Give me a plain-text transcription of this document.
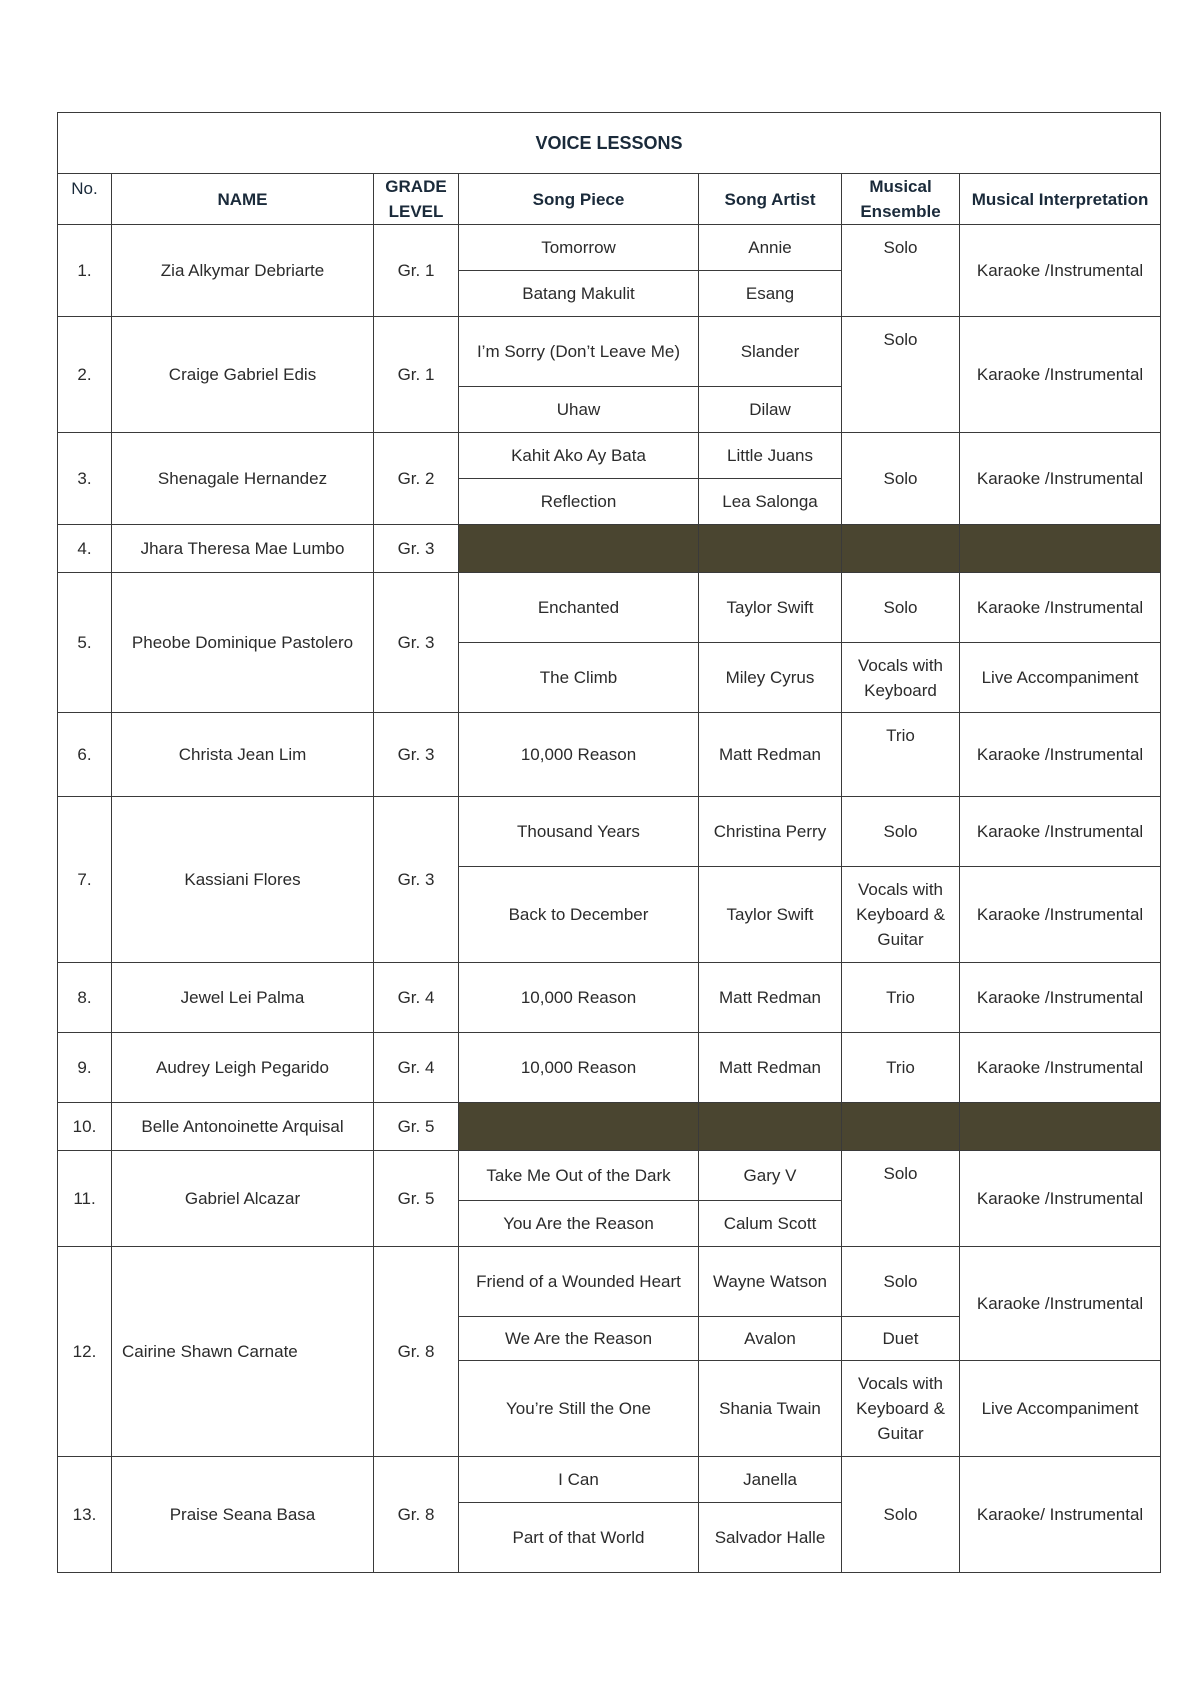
VOICE LESSONS						
No.	NAME	GRADE LEVEL	Song Piece	Song Artist	Musical Ensemble	Musical Interpretation
1.	Zia Alkymar Debriarte	Gr. 1	Tomorrow	Annie	Solo	Karaoke /Instrumental
			Batang Makulit	Esang		
2.	Craige Gabriel Edis	Gr. 1	I’m Sorry (Don’t Leave Me)	Slander	Solo	Karaoke /Instrumental
			Uhaw	Dilaw		
3.	Shenagale Hernandez	Gr. 2	Kahit Ako Ay Bata	Little Juans	Solo	Karaoke /Instrumental
			Reflection	Lea Salonga		
4.	Jhara Theresa Mae Lumbo	Gr. 3				
5.	Pheobe Dominique Pastolero	Gr. 3	Enchanted	Taylor Swift	Solo	Karaoke /Instrumental
			The Climb	Miley Cyrus	Vocals with Keyboard	Live Accompaniment
6.	Christa Jean Lim	Gr. 3	10,000 Reason	Matt Redman	Trio	Karaoke /Instrumental
7.	Kassiani Flores	Gr. 3	Thousand Years	Christina Perry	Solo	Karaoke /Instrumental
			Back to December	Taylor Swift	Vocals with Keyboard & Guitar	Karaoke /Instrumental
8.	Jewel Lei Palma	Gr. 4	10,000 Reason	Matt Redman	Trio	Karaoke /Instrumental
9.	Audrey Leigh Pegarido	Gr. 4	10,000 Reason	Matt Redman	Trio	Karaoke /Instrumental
10.	Belle Antonoinette Arquisal	Gr. 5				
11.	Gabriel Alcazar	Gr. 5	Take Me Out of the Dark	Gary V	Solo	Karaoke /Instrumental
			You Are the Reason	Calum Scott		
12.	Cairine Shawn Carnate	Gr. 8	Friend of a Wounded Heart	Wayne Watson	Solo	Karaoke /Instrumental
			We Are the Reason	Avalon	Duet	
			You’re Still the One	Shania Twain	Vocals with Keyboard & Guitar	Live Accompaniment
13.	Praise Seana Basa	Gr. 8	I Can	Janella	Solo	Karaoke/ Instrumental
			Part of that World	Salvador Halle		
